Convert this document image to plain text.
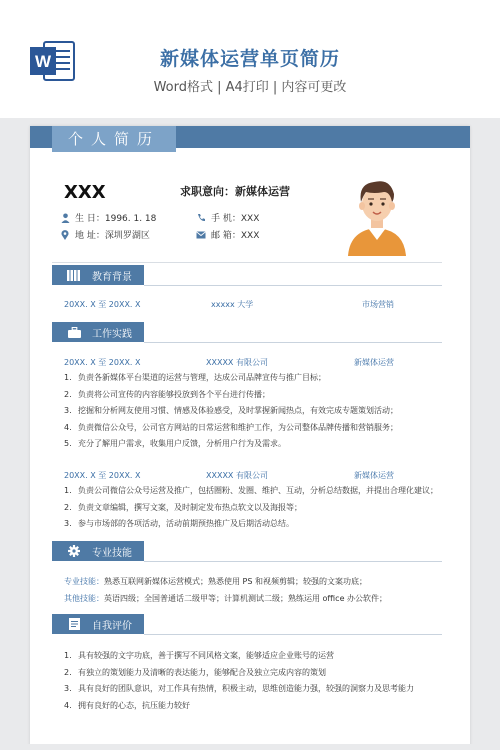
W	新媒体运营单页简历
Word格式 | A4打印 | 内容可更改
个人简历
XXX	求职意向：新媒体运营
生 日：1996. 1. 18
地 址：深圳罗湖区
手 机：XXX
邮 箱：XXX
教育背景
20XX. X 至 20XX. X	xxxxx 大学	市场营销
工作实践
20XX. X 至 20XX. X	XXXXX 有限公司	新媒体运营
1. 负责各新媒体平台渠道的运营与管理，达成公司品牌宣传与推广目标；
2. 负责将公司宣传的内容能够投放到各个平台进行传播；
3. 挖掘和分析网友使用习惯、情感及体验感受，及时掌握新闻热点，有效完成专题策划活动；
4. 负责微信公众号，公司官方网站的日常运营和维护工作，为公司整体品牌传播和营销服务；
5. 充分了解用户需求，收集用户反馈，分析用户行为及需求。
20XX. X 至 20XX. X	XXXXX 有限公司	新媒体运营
1. 负责公司微信公众号运营及推广，包括圈粉、发圈、维护、互动，分析总结数据，并提出合理化建议；
2. 负责文章编辑，撰写文案，及时制定发布热点软文以及海报等；
3. 参与市场部的各项活动，活动前期预热推广及后期活动总结。
专业技能
专业技能：熟悉互联网新媒体运营模式；熟悉使用 PS 和视频剪辑；较强的文案功底；
其他技能：英语四级；全国普通话二级甲等；计算机测试二级；熟练运用 office 办公软件；
自我评价
1. 具有较强的文字功底，善于撰写不同风格文案，能够适应企业账号的运营
2. 有独立的策划能力及清晰的表达能力，能够配合及独立完成内容的策划
3. 具有良好的团队意识，对工作具有热情，积极主动，思维创造能力强，较强的洞察力及思考能力
4. 拥有良好的心态，抗压能力较好
